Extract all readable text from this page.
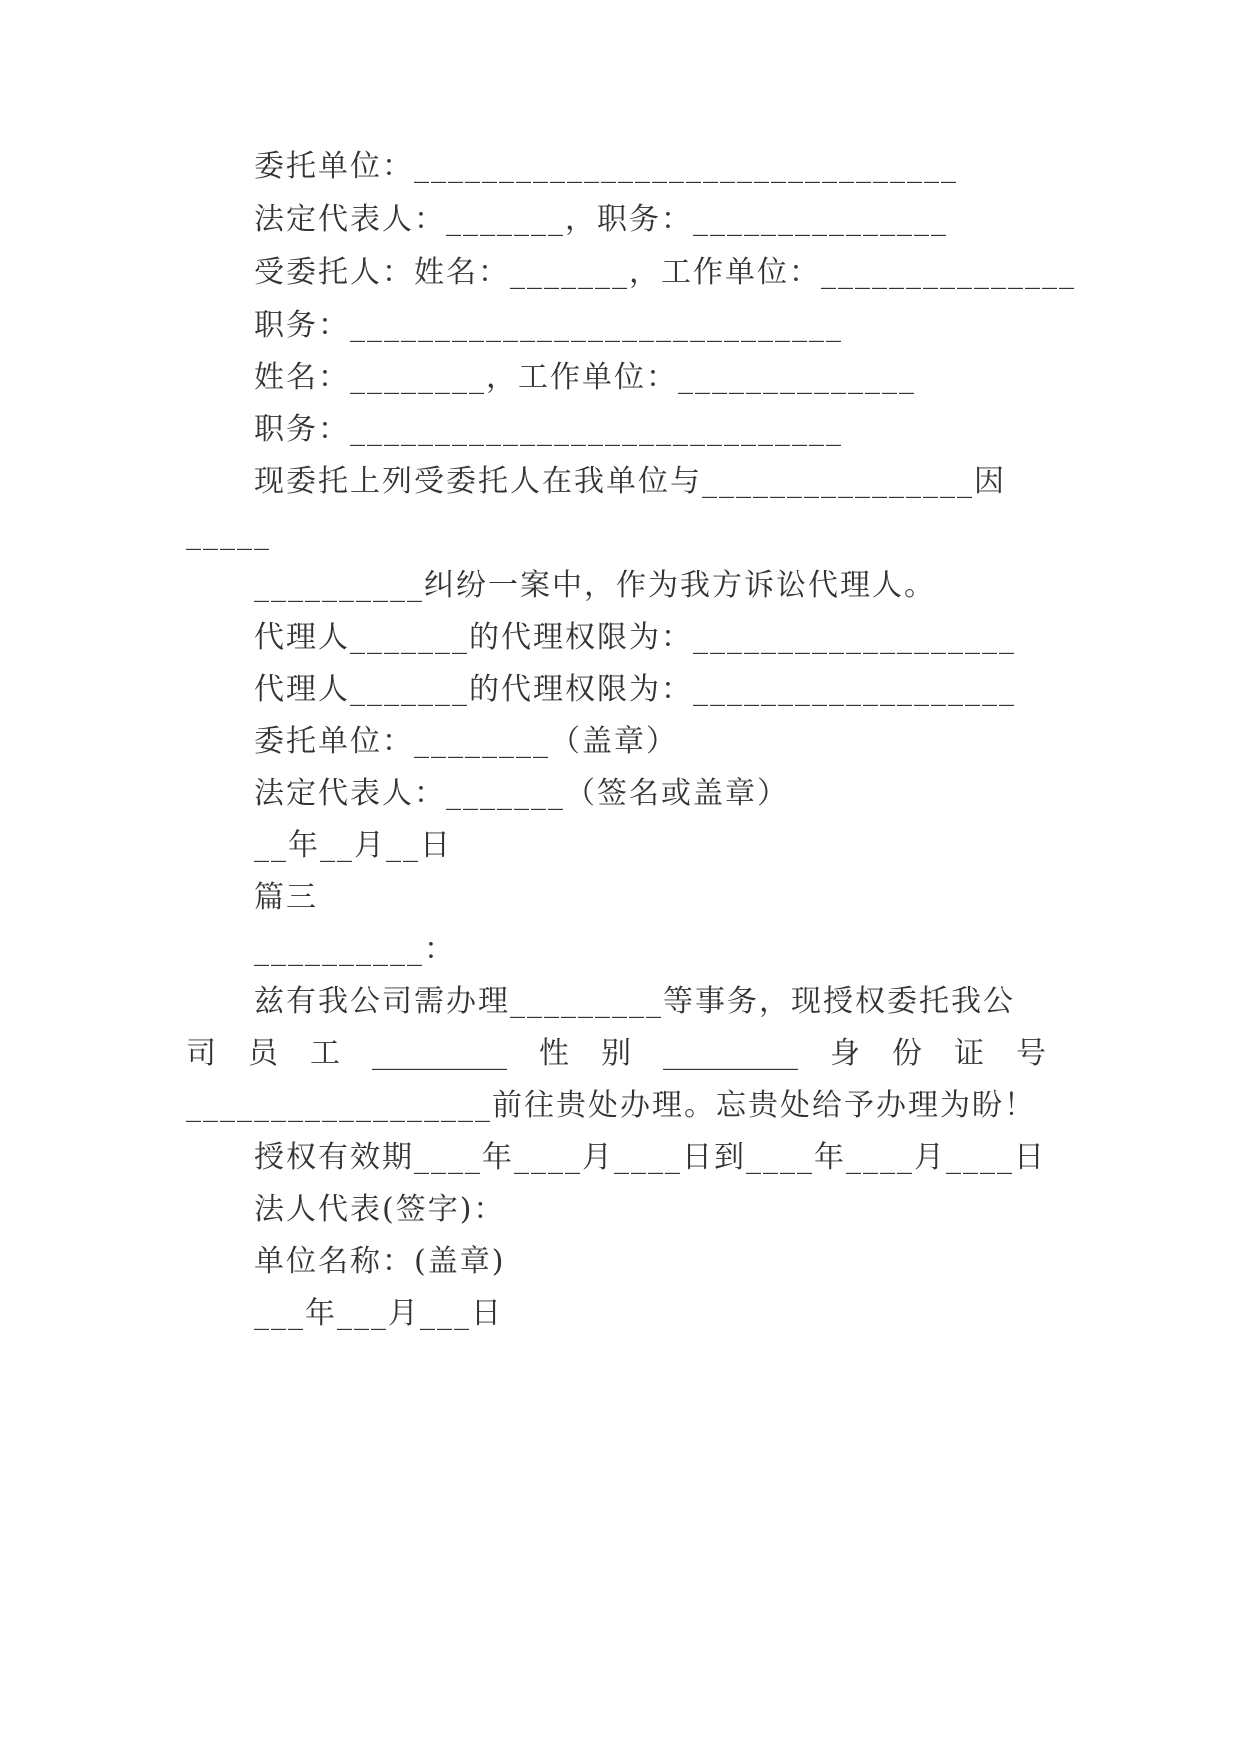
委托单位：________________________________
法定代表人：_______，职务：_______________
受委托人：姓名：_______，工作单位：_______________
职务：_____________________________
姓名：________，工作单位：______________
职务：_____________________________
现委托上列受委托人在我单位与________________因
_____
__________纠纷一案中，作为我方诉讼代理人。
代理人_______的代理权限为：___________________
代理人_______的代理权限为：___________________
委托单位：________（盖章）
法定代表人：_______（签名或盖章）
__年__月__日
篇三
__________：
兹有我公司需办理_________等事务，现授权委托我公
司 员 工 _________ 性 别 _________ 身 份 证 号
__________________前往贵处办理。忘贵处给予办理为盼！
授权有效期____年____月____日到____年____月____日
法人代表(签字)：
单位名称：(盖章)
___年___月___日
